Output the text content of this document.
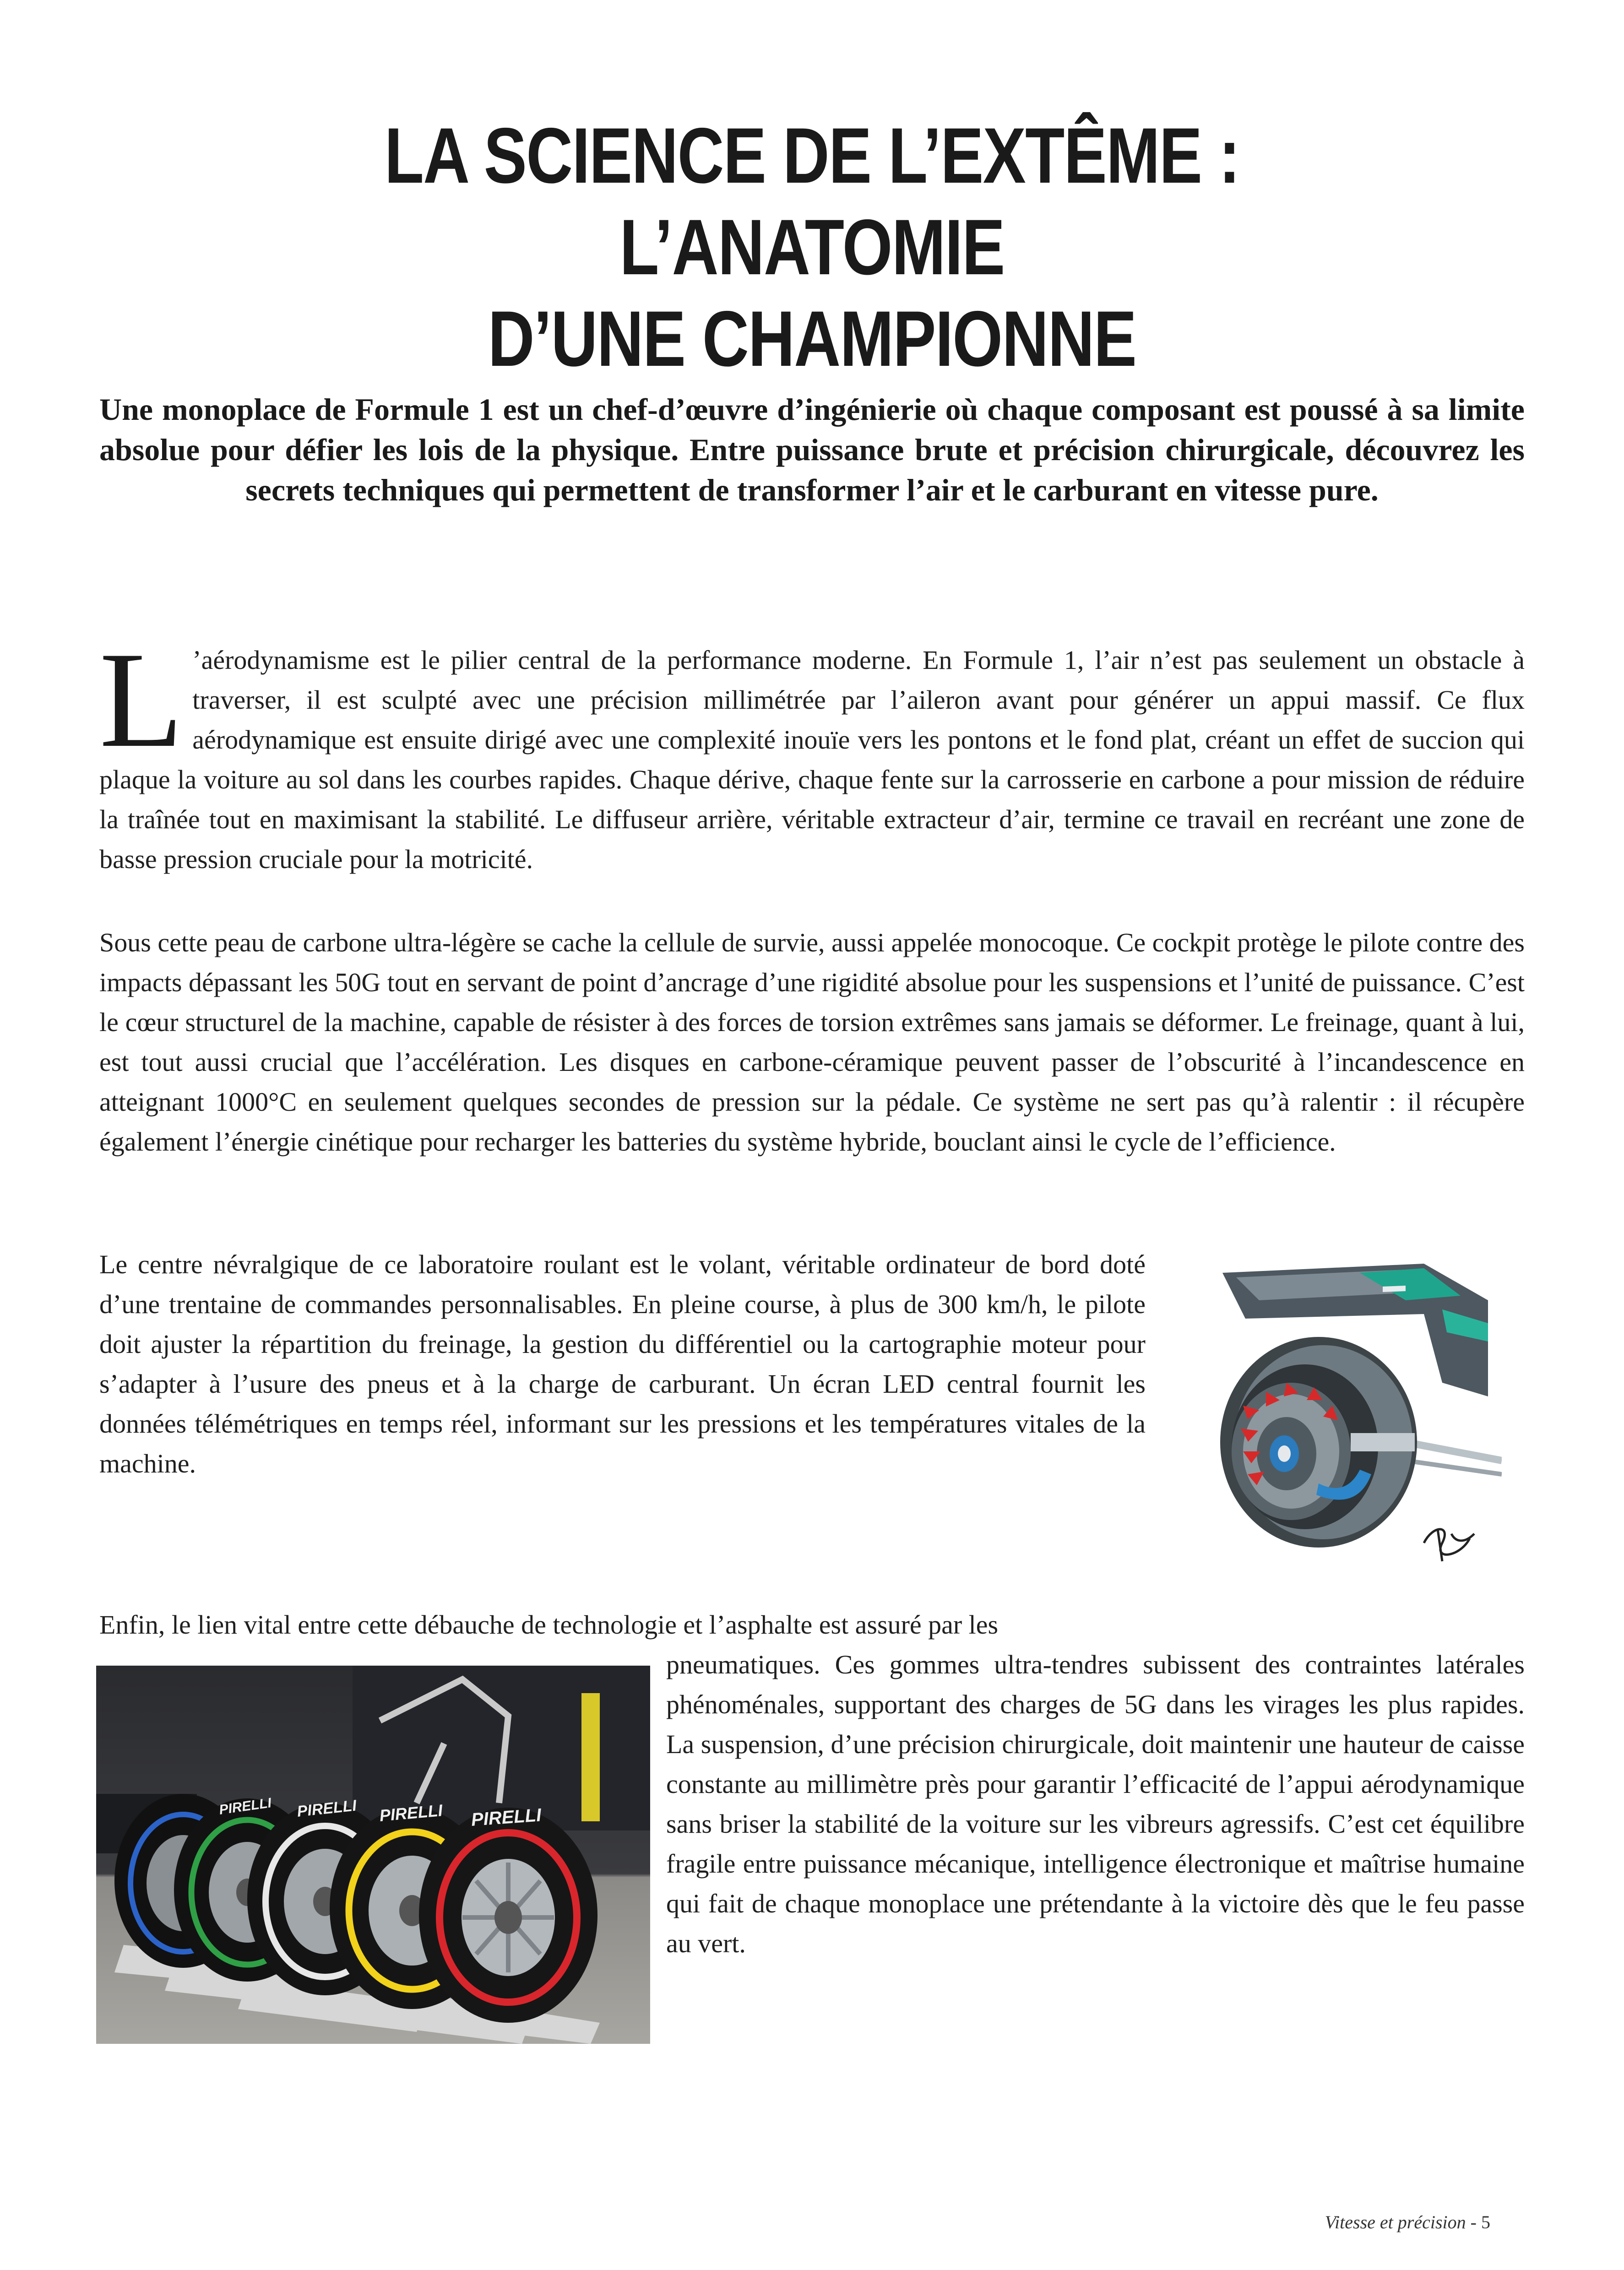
LA SCIENCE DE L’EXTÊME : L’ANATOMIE
D’UNE CHAMPIONNE

Une monoplace de Formule 1 est un chef-d’œuvre d’ingénierie où chaque composant est poussé à sa limite absolue pour défier les lois de la physique. Entre puissance brute et précision chirurgicale, découvrez les secrets techniques qui permettent de transformer l’air et le carburant en vitesse pure.

L ’aérodynamisme est le pilier central de la performance moderne. En Formule 1, l’air n’est pas seulement un obstacle à traverser, il est sculpté avec une précision millimétrée par l’aileron avant pour générer un appui massif. Ce flux aérodynamique est ensuite dirigé avec une complexité inouïe vers les pontons et le fond plat, créant un effet de succion qui plaque la voiture au sol dans les courbes rapides. Chaque dérive, chaque fente sur la carrosserie en carbone a pour mission de réduire la traînée tout en maximisant la stabilité. Le diffuseur arrière, véritable extracteur d’air, termine ce travail en recréant une zone de basse pression cruciale pour la motricité.

Sous cette peau de carbone ultra-légère se cache la cellule de survie, aussi appelée monocoque. Ce cockpit protège le pilote contre des impacts dépassant les 50G tout en servant de point d’ancrage d’une rigidité absolue pour les suspensions et l’unité de puissance. C’est le cœur structurel de la machine, capable de résister à des forces de torsion extrêmes sans jamais se déformer. Le freinage, quant à lui, est tout aussi crucial que l’accélération. Les disques en carbone-céramique peuvent passer de l’obscurité à l’incandescence en atteignant 1000°C en seulement quelques secondes de pression sur la pédale. Ce système ne sert pas qu’à ralentir : il récupère également l’énergie cinétique pour recharger les batteries du système hybride, bouclant ainsi le cycle de l’efficience.

Le centre névralgique de ce laboratoire roulant est le volant, véritable ordinateur de bord doté d’une trentaine de commandes personnalisables. En pleine course, à plus de 300 km/h, le pilote doit ajuster la répartition du freinage, la gestion du différentiel ou la cartographie moteur pour s’adapter à l’usure des pneus et à la charge de carburant. Un écran LED central fournit les données télémétriques en temps réel, informant sur les pressions et les températures vitales de la machine.

Enfin, le lien vital entre cette débauche de technologie et l’asphalte est assuré par les

PIRELLI PIRELLI PIRELLI PIRELLI

pneumatiques. Ces gommes ultra-tendres subissent des contraintes latérales phénoménales, supportant des charges de 5G dans les virages les plus rapides. La suspension, d’une précision chirurgicale, doit maintenir une hauteur de caisse constante au millimètre près pour garantir l’efficacité de l’appui aérodynamique sans briser la stabilité de la voiture sur les vibreurs agressifs. C’est cet équilibre fragile entre puissance mécanique, intelligence électronique et maîtrise humaine qui fait de chaque monoplace une prétendante à la victoire dès que le feu passe au vert.

Vitesse et précision - 5
